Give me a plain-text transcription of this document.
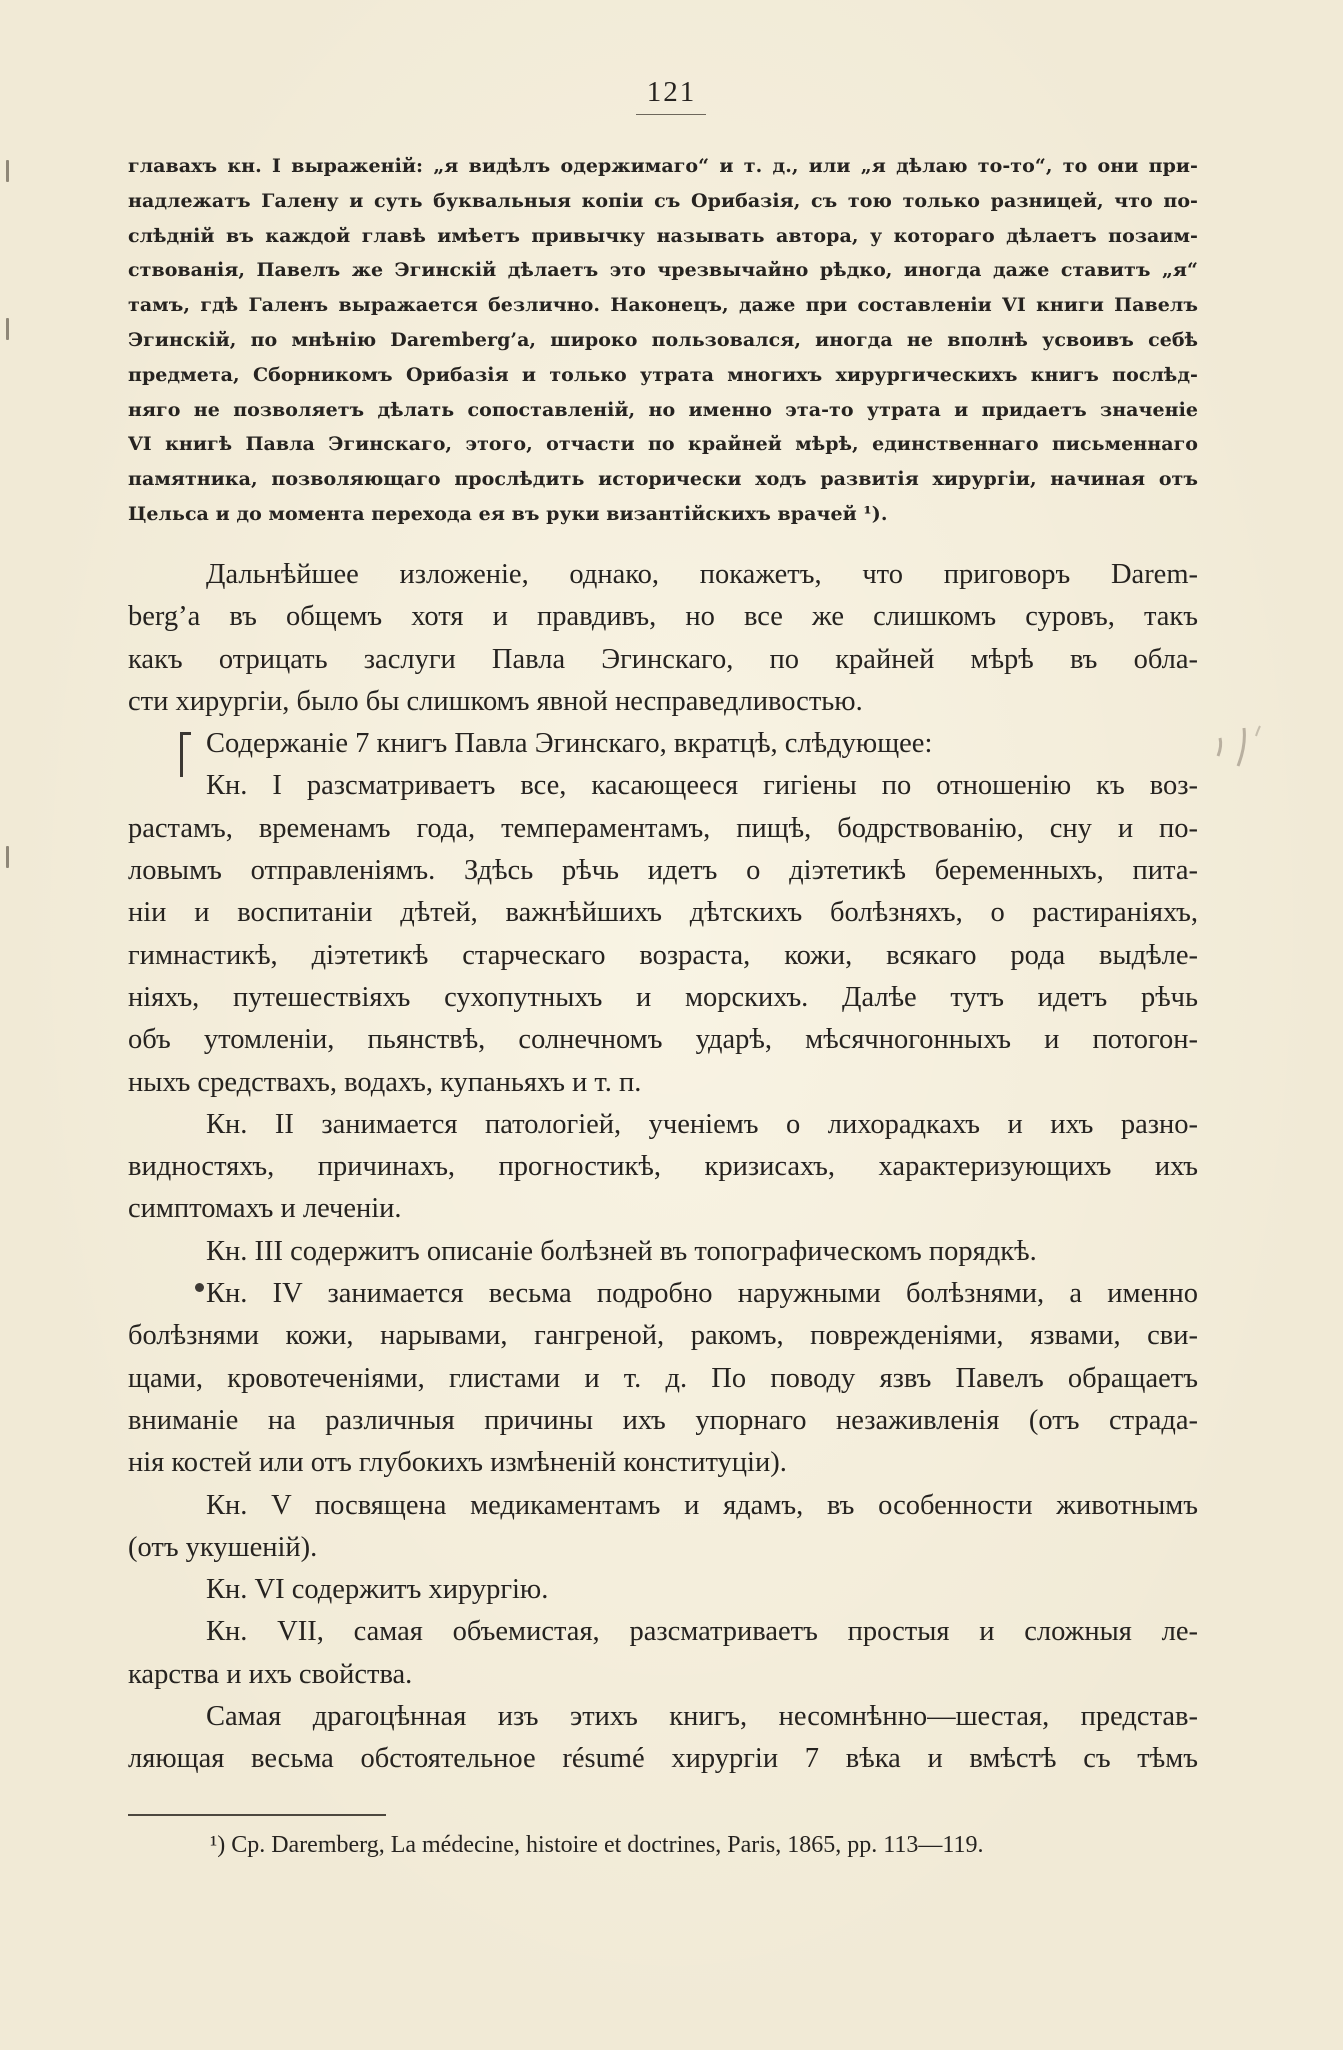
121
главахъ кн. I выраженій: „я видѣлъ одержимаго“ и т. д., или „я дѣлаю то-то“, то они при-
надлежатъ Галену и суть буквальныя копіи съ Орибазія, съ тою только разницей, что по-
слѣдній въ каждой главѣ имѣетъ привычку называть автора, у котораго дѣлаетъ позаим-
ствованія, Павелъ же Эгинскій дѣлаетъ это чрезвычайно рѣдко, иногда даже ставитъ „я“
тамъ, гдѣ Галенъ выражается безлично. Наконецъ, даже при составленіи VI книги Павелъ
Эгинскій, по мнѣнію Daremberg’а, широко пользовался, иногда не вполнѣ усвоивъ себѣ
предмета, Сборникомъ Орибазія и только утрата многихъ хирургическихъ книгъ послѣд-
няго не позволяетъ дѣлать сопоставленій, но именно эта-то утрата и придаетъ значеніе
VI книгѣ Павла Эгинскаго, этого, отчасти по крайней мѣрѣ, единственнаго письменнаго
памятника, позволяющаго прослѣдить исторически ходъ развитія хирургіи, начиная отъ
Цельса и до момента перехода ея въ руки византійскихъ врачей ¹).
Дальнѣйшее изложеніе, однако, покажетъ, что приговоръ Darem-
berg’а въ общемъ хотя и правдивъ, но все же слишкомъ суровъ, такъ
какъ отрицать заслуги Павла Эгинскаго, по крайней мѣрѣ въ обла-
сти хирургіи, было бы слишкомъ явной несправедливостью.
Содержаніе 7 книгъ Павла Эгинскаго, вкратцѣ, слѣдующее:
Кн. I разсматриваетъ все, касающееся гигіены по отношенію къ воз-
растамъ, временамъ года, темпераментамъ, пищѣ, бодрствованію, сну и по-
ловымъ отправленіямъ. Здѣсь рѣчь идетъ о діэтетикѣ беременныхъ, пита-
ніи и воспитаніи дѣтей, важнѣйшихъ дѣтскихъ болѣзняхъ, о растираніяхъ,
гимнастикѣ, діэтетикѣ старческаго возраста, кожи, всякаго рода выдѣле-
ніяхъ, путешествіяхъ сухопутныхъ и морскихъ. Далѣе тутъ идетъ рѣчь
объ утомленіи, пьянствѣ, солнечномъ ударѣ, мѣсячногонныхъ и потогон-
ныхъ средствахъ, водахъ, купаньяхъ и т. п.
Кн. II занимается патологіей, ученіемъ о лихорадкахъ и ихъ разно-
видностяхъ, причинахъ, прогностикѣ, кризисахъ, характеризующихъ ихъ
симптомахъ и леченіи.
Кн. III содержитъ описаніе болѣзней въ топографическомъ порядкѣ.
Кн. IV занимается весьма подробно наружными болѣзнями, а именно
болѣзнями кожи, нарывами, гангреной, ракомъ, поврежденіями, язвами, сви-
щами, кровотеченіями, глистами и т. д. По поводу язвъ Павелъ обращаетъ
вниманіе на различныя причины ихъ упорнаго незаживленія (отъ страда-
нія костей или отъ глубокихъ измѣненій конституціи).
Кн. V посвящена медикаментамъ и ядамъ, въ особенности животнымъ
(отъ укушеній).
Кн. VI содержитъ хирургію.
Кн. VII, самая объемистая, разсматриваетъ простыя и сложныя ле-
карства и ихъ свойства.
Самая драгоцѣнная изъ этихъ книгъ, несомнѣнно—шестая, представ-
ляющая весьма обстоятельное résumé хирургіи 7 вѣка и вмѣстѣ съ тѣмъ
¹) Ср. Daremberg, La médecine, histoire et doctrines, Paris, 1865, pp. 113—119.
